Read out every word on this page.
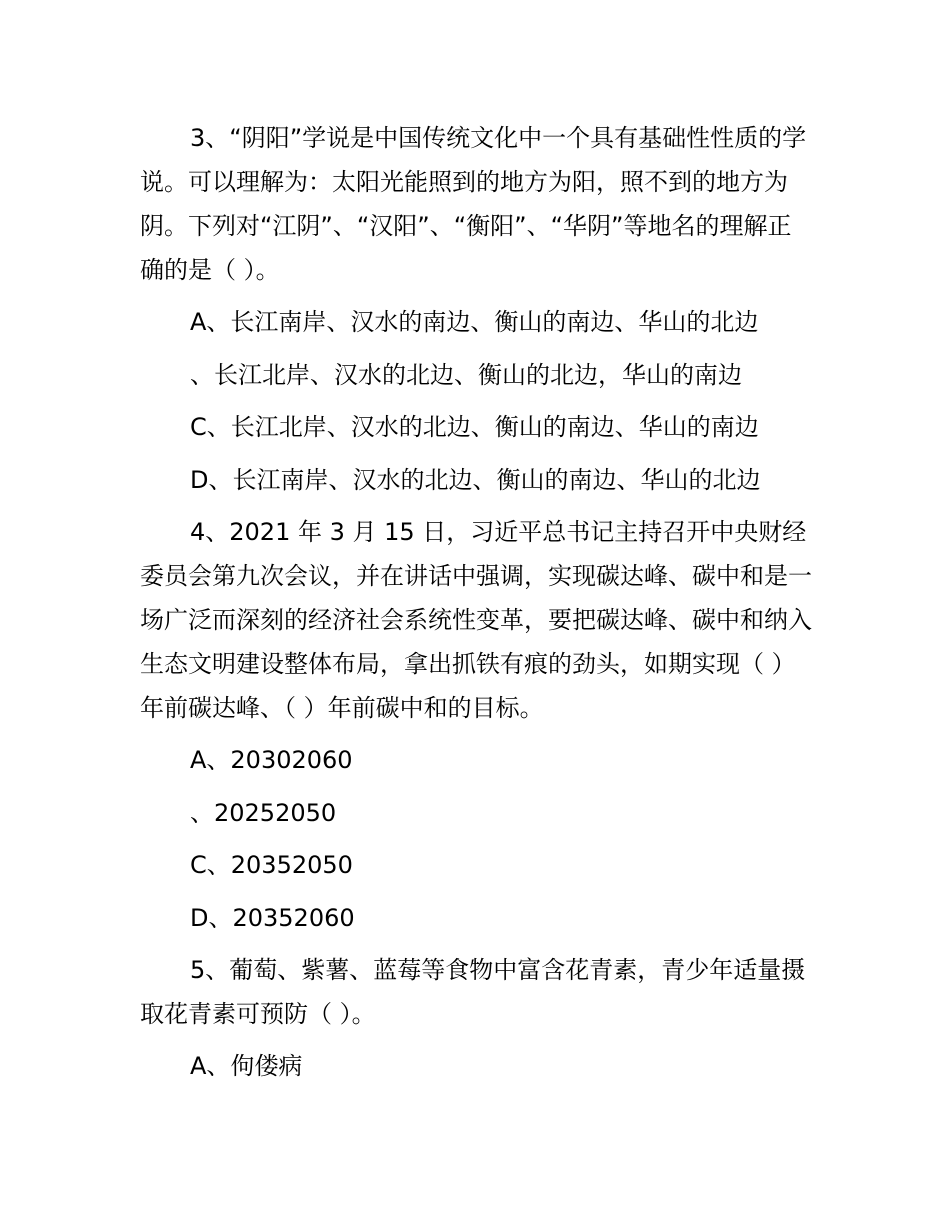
3、“阴阳”学说是中国传统文化中一个具有基础性性质的学说。可以理解为：太阳光能照到的地方为阳，照不到的地方为阴。下列对“江阴”、“汉阳”、“衡阳”、“华阴”等地名的理解正确的是（ ）。
A、长江南岸、汉水的南边、衡山的南边、华山的北边
、长江北岸、汉水的北边、衡山的北边，华山的南边
C、长江北岸、汉水的北边、衡山的南边、华山的南边
D、长江南岸、汉水的北边、衡山的南边、华山的北边
4、2021 年 3 月 15 日，习近平总书记主持召开中央财经委员会第九次会议，并在讲话中强调，实现碳达峰、碳中和是一场广泛而深刻的经济社会系统性变革，要把碳达峰、碳中和纳入生态文明建设整体布局，拿出抓铁有痕的劲头，如期实现（ ）年前碳达峰、（ ）年前碳中和的目标。
A、20302060
、20252050
C、20352050
D、20352060
5、葡萄、紫薯、蓝莓等食物中富含花青素，青少年适量摄取花青素可预防（ ）。
A、佝偻病
